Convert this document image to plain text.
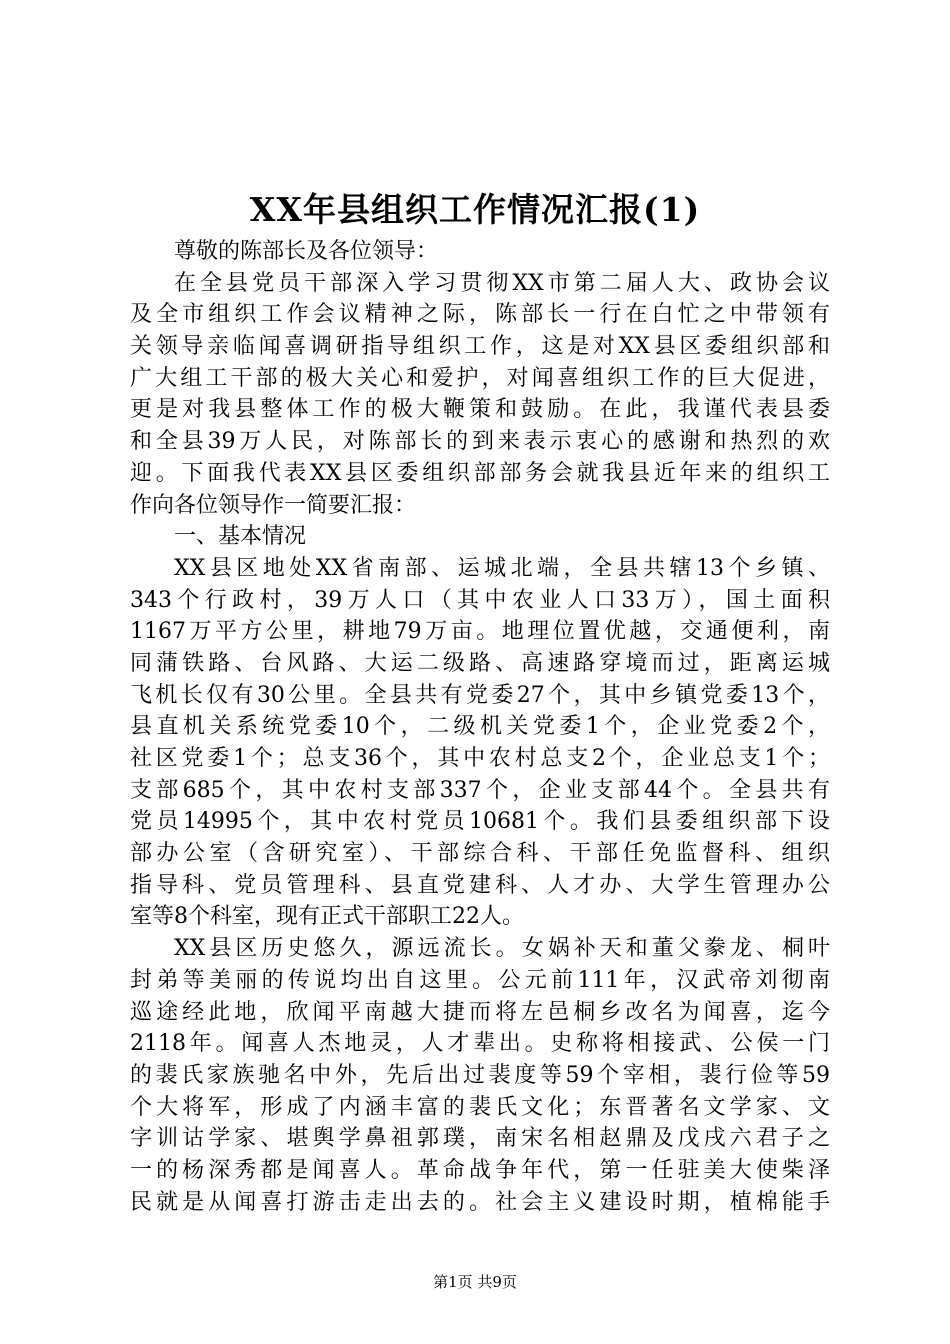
XX年县组织工作情况汇报(1)
尊敬的陈部长及各位领导：
在全县党员干部深入学习贯彻XX市第二届人大、政协会议
及全市组织工作会议精神之际，陈部长一行在白忙之中带领有
关领导亲临闻喜调研指导组织工作，这是对XX县区委组织部和
广大组工干部的极大关心和爱护，对闻喜组织工作的巨大促进，
更是对我县整体工作的极大鞭策和鼓励。在此，我谨代表县委
和全县39万人民，对陈部长的到来表示衷心的感谢和热烈的欢
迎。下面我代表XX县区委组织部部务会就我县近年来的组织工
作向各位领导作一简要汇报：
一、基本情况
XX县区地处XX省南部、运城北端，全县共辖13个乡镇、
343个行政村，39万人口（其中农业人口33万），国土面积
1167万平方公里，耕地79万亩。地理位置优越，交通便利，南
同蒲铁路、台风路、大运二级路、高速路穿境而过，距离运城
飞机长仅有30公里。全县共有党委27个，其中乡镇党委13个，
县直机关系统党委10个，二级机关党委1个，企业党委2个，
社区党委1个；总支36个，其中农村总支2个，企业总支1个；
支部685个，其中农村支部337个，企业支部44个。全县共有
党员14995个，其中农村党员10681个。我们县委组织部下设
部办公室（含研究室）、干部综合科、干部任免监督科、组织
指导科、党员管理科、县直党建科、人才办、大学生管理办公
室等8个科室，现有正式干部职工22人。
XX县区历史悠久，源远流长。女娲补天和董父豢龙、桐叶
封弟等美丽的传说均出自这里。公元前111年，汉武帝刘彻南
巡途经此地，欣闻平南越大捷而将左邑桐乡改名为闻喜，迄今
2118年。闻喜人杰地灵，人才辈出。史称将相接武、公侯一门
的裴氏家族驰名中外，先后出过裴度等59个宰相，裴行俭等59
个大将军，形成了内涵丰富的裴氏文化；东晋著名文学家、文
字训诂学家、堪舆学鼻祖郭璞，南宋名相赵鼎及戊戌六君子之
一的杨深秀都是闻喜人。革命战争年代，第一任驻美大使柴泽
民就是从闻喜打游击走出去的。社会主义建设时期，植棉能手
第1页 共9页
